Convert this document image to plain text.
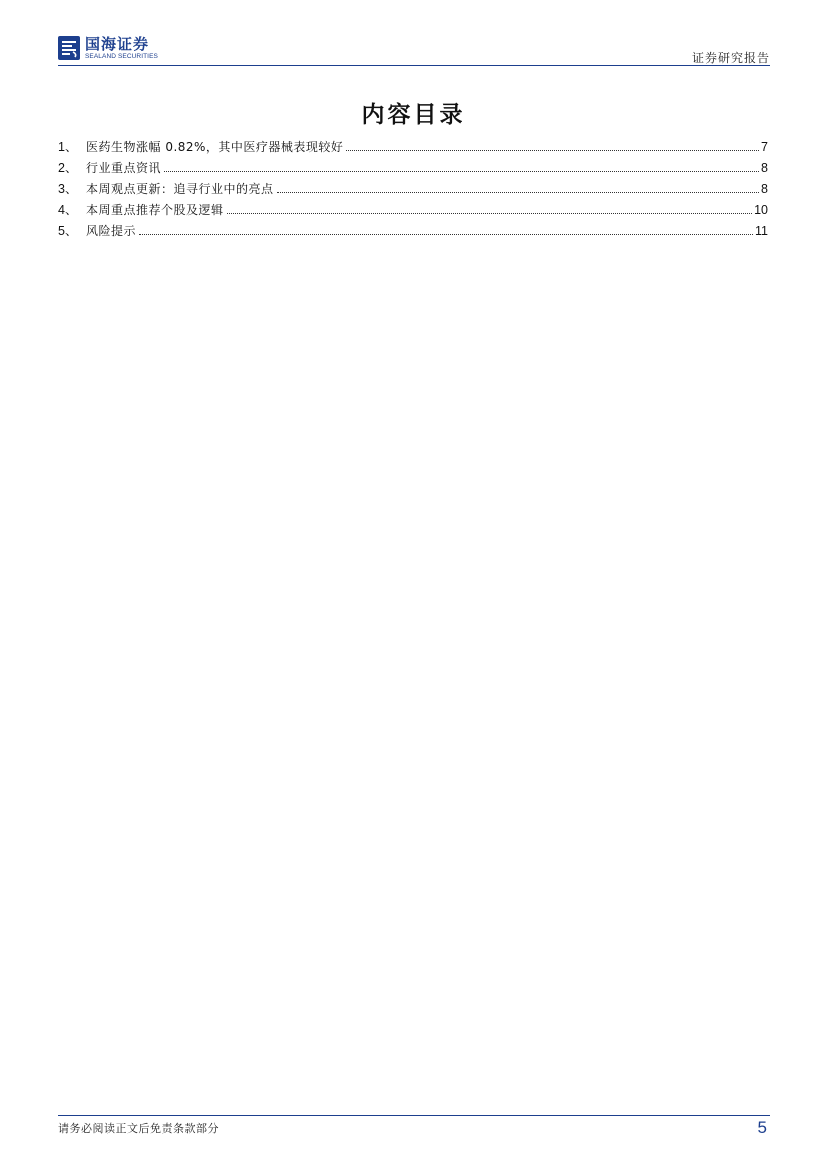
国海证券
SEALAND SECURITIES	证券研究报告
内容目录
1、 医药生物涨幅 0.82%，其中医疗器械表现较好	7
2、 行业重点资讯	8
3、 本周观点更新：追寻行业中的亮点	8
4、 本周重点推荐个股及逻辑	10
5、 风险提示	11
请务必阅读正文后免责条款部分	5
